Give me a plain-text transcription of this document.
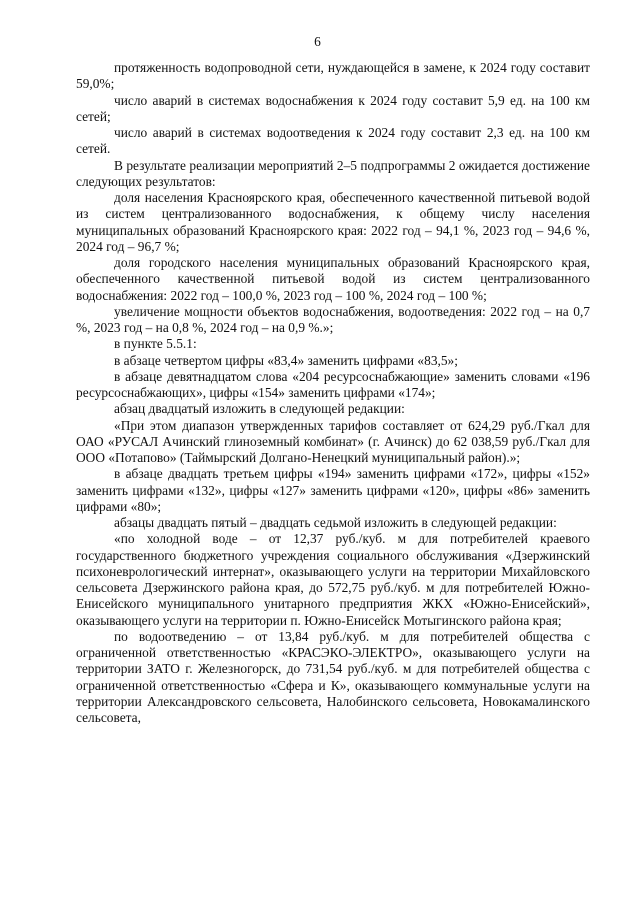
6

протяженность водопроводной сети, нуждающейся в замене, к 2024 году составит 59,0%;

число аварий в системах водоснабжения к 2024 году составит 5,9 ед. на 100 км сетей;

число аварий в системах водоотведения к 2024 году составит 2,3 ед. на 100 км сетей.

В результате реализации мероприятий 2–5 подпрограммы 2 ожидается достижение следующих результатов:

доля населения Красноярского края, обеспеченного качественной питьевой водой из систем централизованного водоснабжения, к общему числу населения муниципальных образований Красноярского края: 2022 год – 94,1 %, 2023 год – 94,6 %, 2024 год – 96,7 %;

доля городского населения муниципальных образований Красноярского края, обеспеченного качественной питьевой водой из систем централизованного водоснабжения: 2022 год – 100,0 %, 2023 год – 100 %, 2024 год – 100 %;

увеличение мощности объектов водоснабжения, водоотведения: 2022 год – на 0,7 %, 2023 год – на 0,8 %, 2024 год – на 0,9 %.»;

в пункте 5.5.1:

в абзаце четвертом цифры «83,4» заменить цифрами «83,5»;

в абзаце девятнадцатом слова «204 ресурсоснабжающие» заменить словами «196 ресурсоснабжающих», цифры «154» заменить цифрами «174»;

абзац двадцатый изложить в следующей редакции:

«При этом диапазон утвержденных тарифов составляет от 624,29 руб./Гкал для ОАО «РУСАЛ Ачинский глиноземный комбинат» (г. Ачинск) до 62 038,59 руб./Гкал для ООО «Потапово» (Таймырский Долгано-Ненецкий муниципальный район).»;

в абзаце двадцать третьем цифры «194» заменить цифрами «172», цифры «152» заменить цифрами «132», цифры «127» заменить цифрами «120», цифры «86» заменить цифрами «80»;

абзацы двадцать пятый – двадцать седьмой изложить в следующей редакции:

«по холодной воде – от 12,37 руб./куб. м для потребителей краевого государственного бюджетного учреждения социального обслуживания «Дзержинский психоневрологический интернат», оказывающего услуги на территории Михайловского сельсовета Дзержинского района края, до 572,75 руб./куб. м для потребителей Южно-Енисейского муниципального унитарного предприятия ЖКХ «Южно-Енисейский», оказывающего услуги на территории п. Южно-Енисейск Мотыгинского района края;

по водоотведению – от 13,84 руб./куб. м для потребителей общества с ограниченной ответственностью «КРАСЭКО-ЭЛЕКТРО», оказывающего услуги на территории ЗАТО г. Железногорск, до 731,54 руб./куб. м для потребителей общества с ограниченной ответственностью «Сфера и К», оказывающего коммунальные услуги на территории Александровского сельсовета, Налобинского сельсовета, Новокамалинского сельсовета,
